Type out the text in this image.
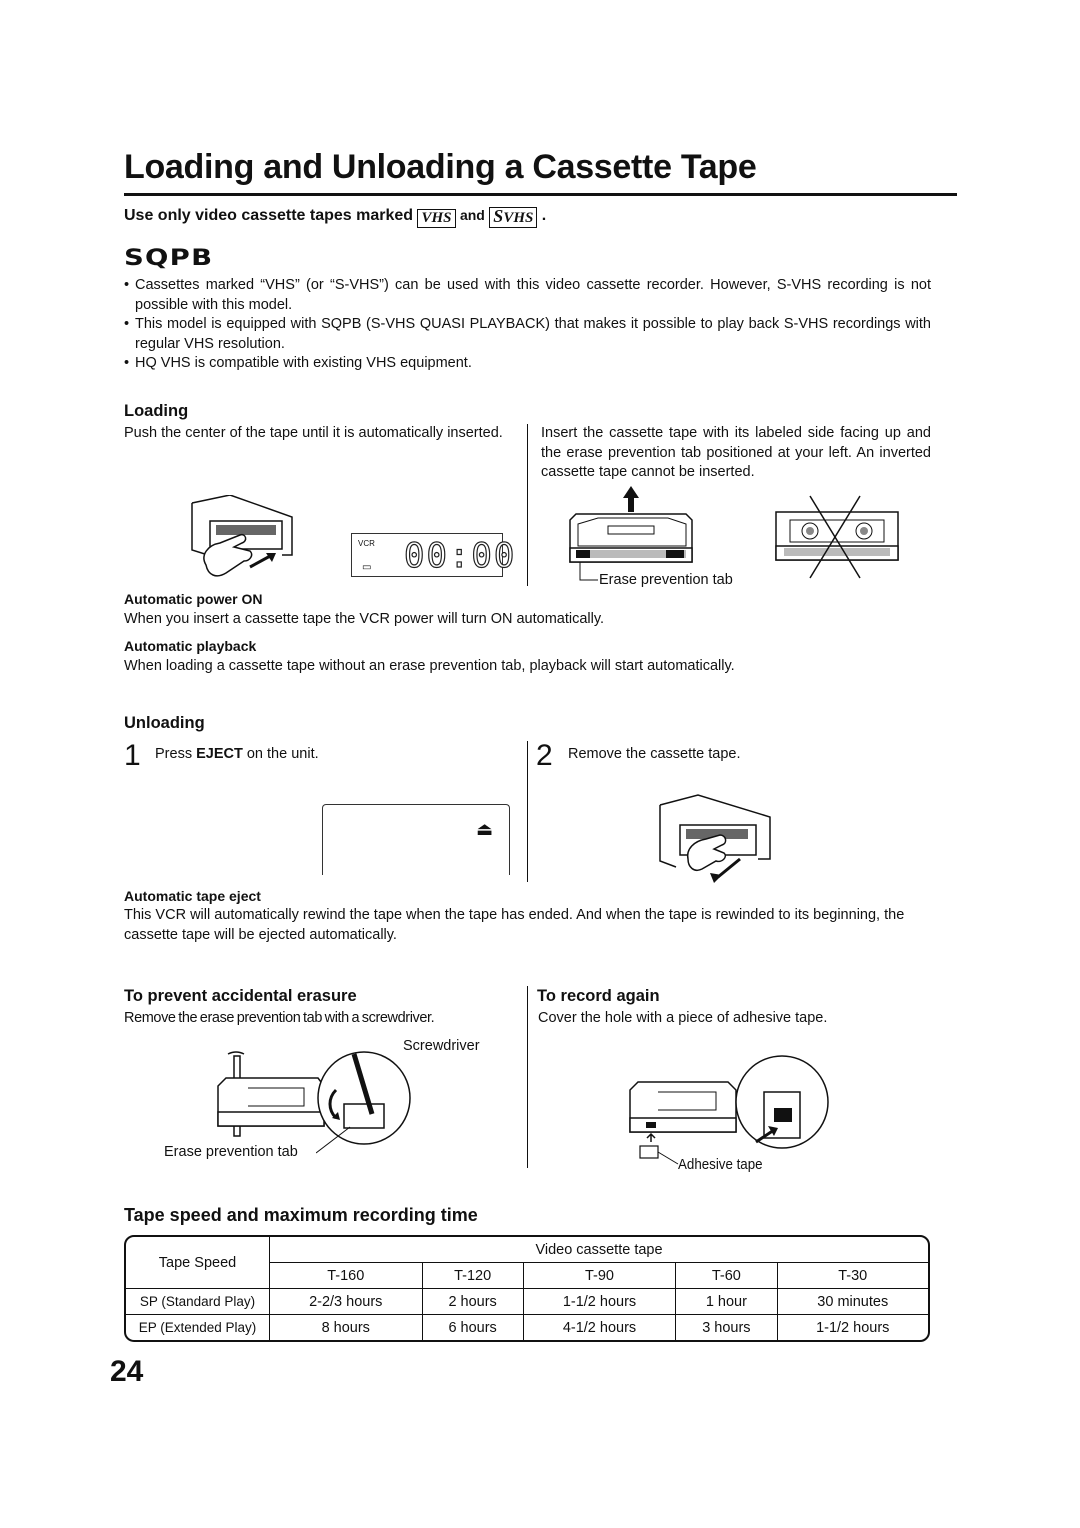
Loading and Unloading a Cassette Tape
Use only video cassette tapes marked VHS and SVHS .
SQPB
• Cassettes marked “VHS” (or “S-VHS”) can be used with this video cassette recorder. However, S-VHS recording is not possible with this model.
• This model is equipped with SQPB (S-VHS QUASI PLAYBACK) that makes it possible to play back S-VHS recordings with regular VHS resolution.
• HQ VHS is compatible with existing VHS equipment.
Loading
Push the center of the tape until it is automatically inserted.	Insert the cassette tape with its labeled side facing up and the erase prevention tab positioned at your left. An inverted cassette tape cannot be inserted.
VCR
▭ 00:00
Erase prevention tab
Automatic power ON
When you insert a cassette tape the VCR power will turn ON automatically.
Automatic playback
When loading a cassette tape without an erase prevention tab, playback will start automatically.
Unloading
1 Press EJECT on the unit.	2 Remove the cassette tape.
⏏
Automatic tape eject
This VCR will automatically rewind the tape when the tape has ended. And when the tape is rewinded to its beginning, the cassette tape will be ejected automatically.
To prevent accidental erasure
Remove the erase prevention tab with a screwdriver.
Screwdriver
Erase prevention tab
To record again
Cover the hole with a piece of adhesive tape.
Adhesive tape
Tape speed and maximum recording time
Tape Speed	Video cassette tape				
	T-160	T-120	T-90	T-60	T-30
SP (Standard Play)	2-2/3 hours	2 hours	1-1/2 hours	1 hour	30 minutes
EP (Extended Play)	8 hours	6 hours	4-1/2 hours	3 hours	1-1/2 hours
24
